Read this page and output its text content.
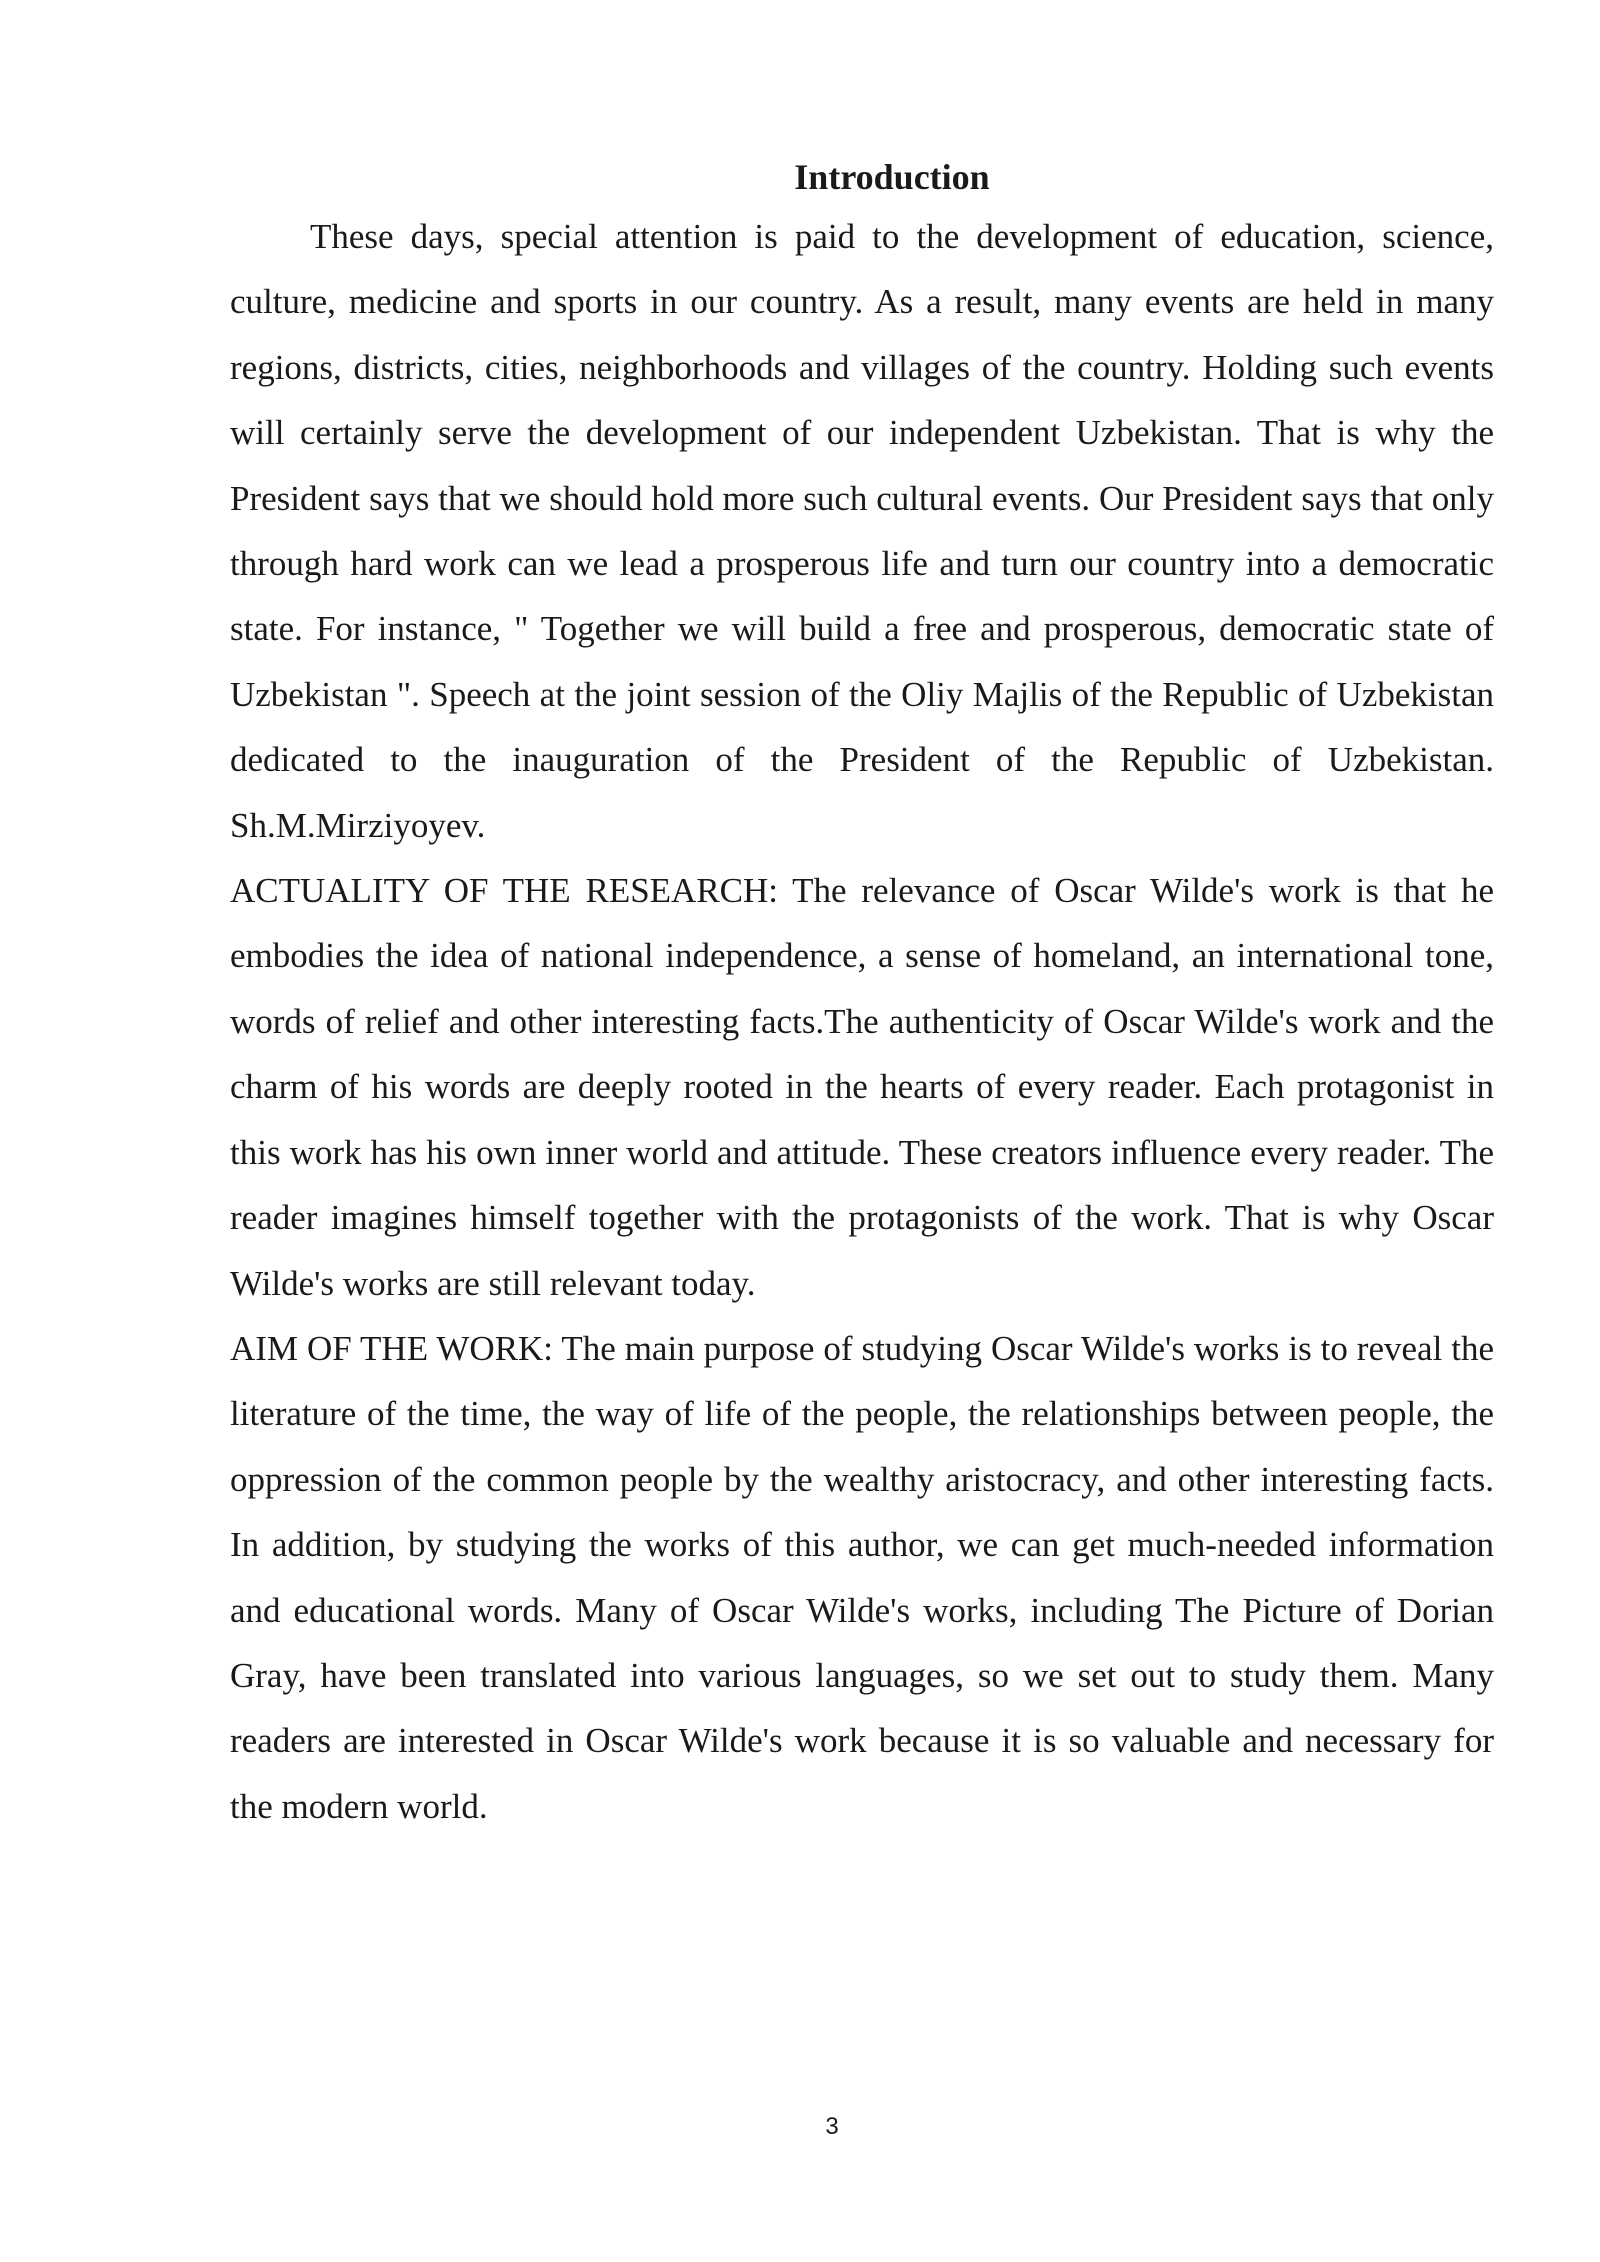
Introduction

These days, special attention is paid to the development of education, science, culture, medicine and sports in our country. As a result, many events are held in many regions, districts, cities, neighborhoods and villages of the country. Holding such events will certainly serve the development of our independent Uzbekistan. That is why the President says that we should hold more such cultural events. Our President says that only through hard work can we lead a prosperous life and turn our country into a democratic state. For instance, " Together we will build a free and prosperous, democratic state of Uzbekistan ". Speech at the joint session of the Oliy Majlis of the Republic of Uzbekistan dedicated to the inauguration of the President of the Republic of Uzbekistan. Sh.M.Mirziyoyev.

ACTUALITY OF THE RESEARCH: The relevance of Oscar Wilde's work is that he embodies the idea of national independence, a sense of homeland, an international tone, words of relief and other interesting facts.The authenticity of Oscar Wilde's work and the charm of his words are deeply rooted in the hearts of every reader. Each protagonist in this work has his own inner world and attitude. These creators influence every reader. The reader imagines himself together with the protagonists of the work. That is why Oscar Wilde's works are still relevant today.

AIM OF THE WORK: The main purpose of studying Oscar Wilde's works is to reveal the literature of the time, the way of life of the people, the relationships between people, the oppression of the common people by the wealthy aristocracy, and other interesting facts. In addition, by studying the works of this author, we can get much-needed information and educational words. Many of Oscar Wilde's works, including The Picture of Dorian Gray, have been translated into various languages, so we set out to study them. Many readers are interested in Oscar Wilde's work because it is so valuable and necessary for the modern world.

3
